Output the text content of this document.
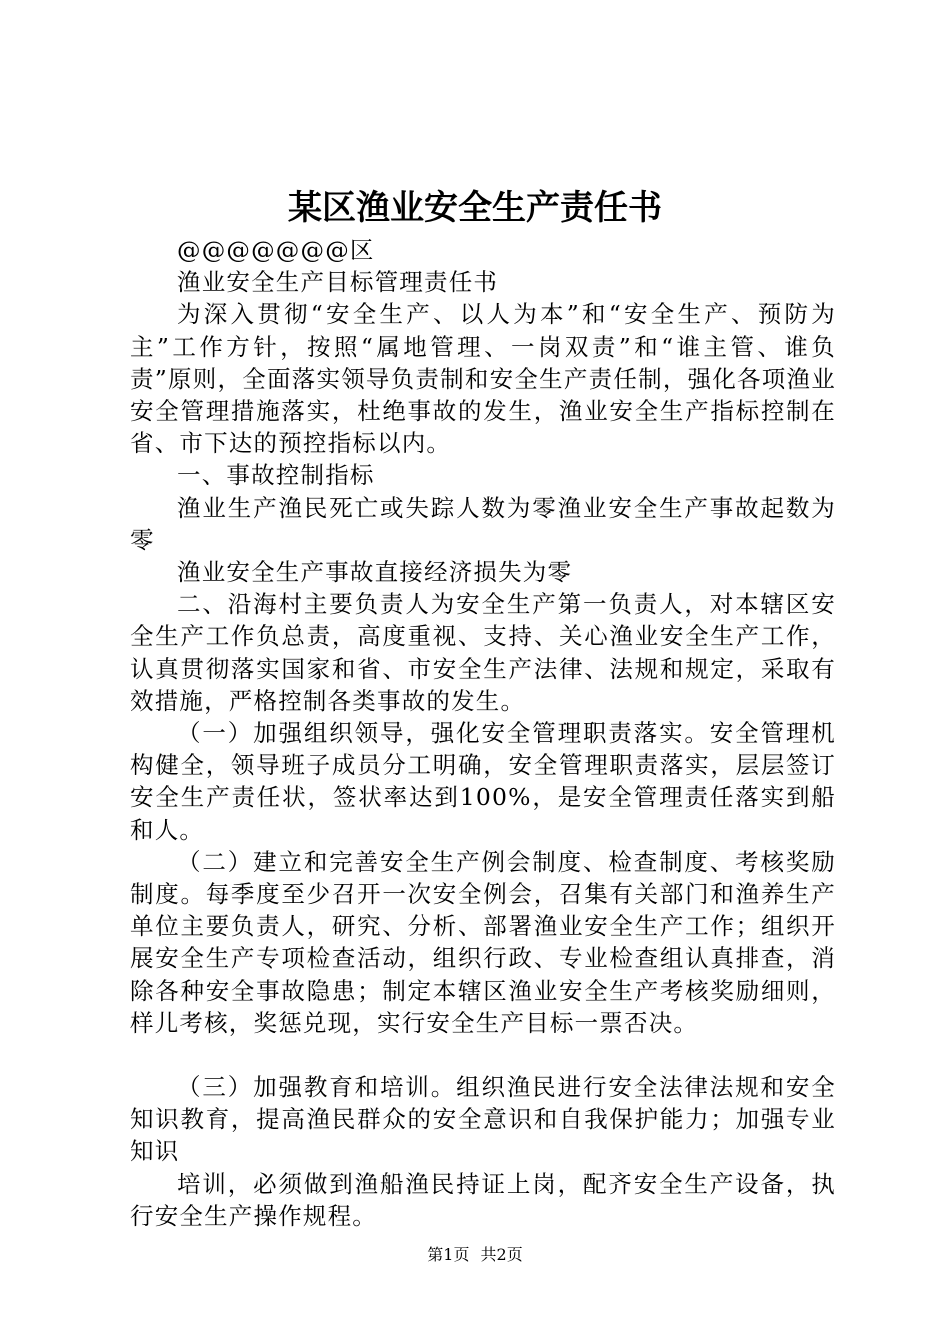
某区渔业安全生产责任书

@@@@@@@区

渔业安全生产目标管理责任书

为深入贯彻“安全生产、以人为本”和“安全生产、预防为主”工作方针，按照“属地管理、一岗双责”和“谁主管、谁负责”原则，全面落实领导负责制和安全生产责任制，强化各项渔业安全管理措施落实，杜绝事故的发生，渔业安全生产指标控制在省、市下达的预控指标以内。

一、事故控制指标

渔业生产渔民死亡或失踪人数为零渔业安全生产事故起数为零

渔业安全生产事故直接经济损失为零

二、沿海村主要负责人为安全生产第一负责人，对本辖区安全生产工作负总责，高度重视、支持、关心渔业安全生产工作，认真贯彻落实国家和省、市安全生产法律、法规和规定，采取有效措施，严格控制各类事故的发生。

（一）加强组织领导，强化安全管理职责落实。安全管理机构健全，领导班子成员分工明确，安全管理职责落实，层层签订安全生产责任状，签状率达到100%，是安全管理责任落实到船和人。

（二）建立和完善安全生产例会制度、检查制度、考核奖励制度。每季度至少召开一次安全例会，召集有关部门和渔养生产单位主要负责人，研究、分析、部署渔业安全生产工作；组织开展安全生产专项检查活动，组织行政、专业检查组认真排查，消除各种安全事故隐患；制定本辖区渔业安全生产考核奖励细则，样儿考核，奖惩兑现，实行安全生产目标一票否决。

（三）加强教育和培训。组织渔民进行安全法律法规和安全知识教育，提高渔民群众的安全意识和自我保护能力；加强专业知识

培训，必须做到渔船渔民持证上岗，配齐安全生产设备，执行安全生产操作规程。

第1页 共2页
